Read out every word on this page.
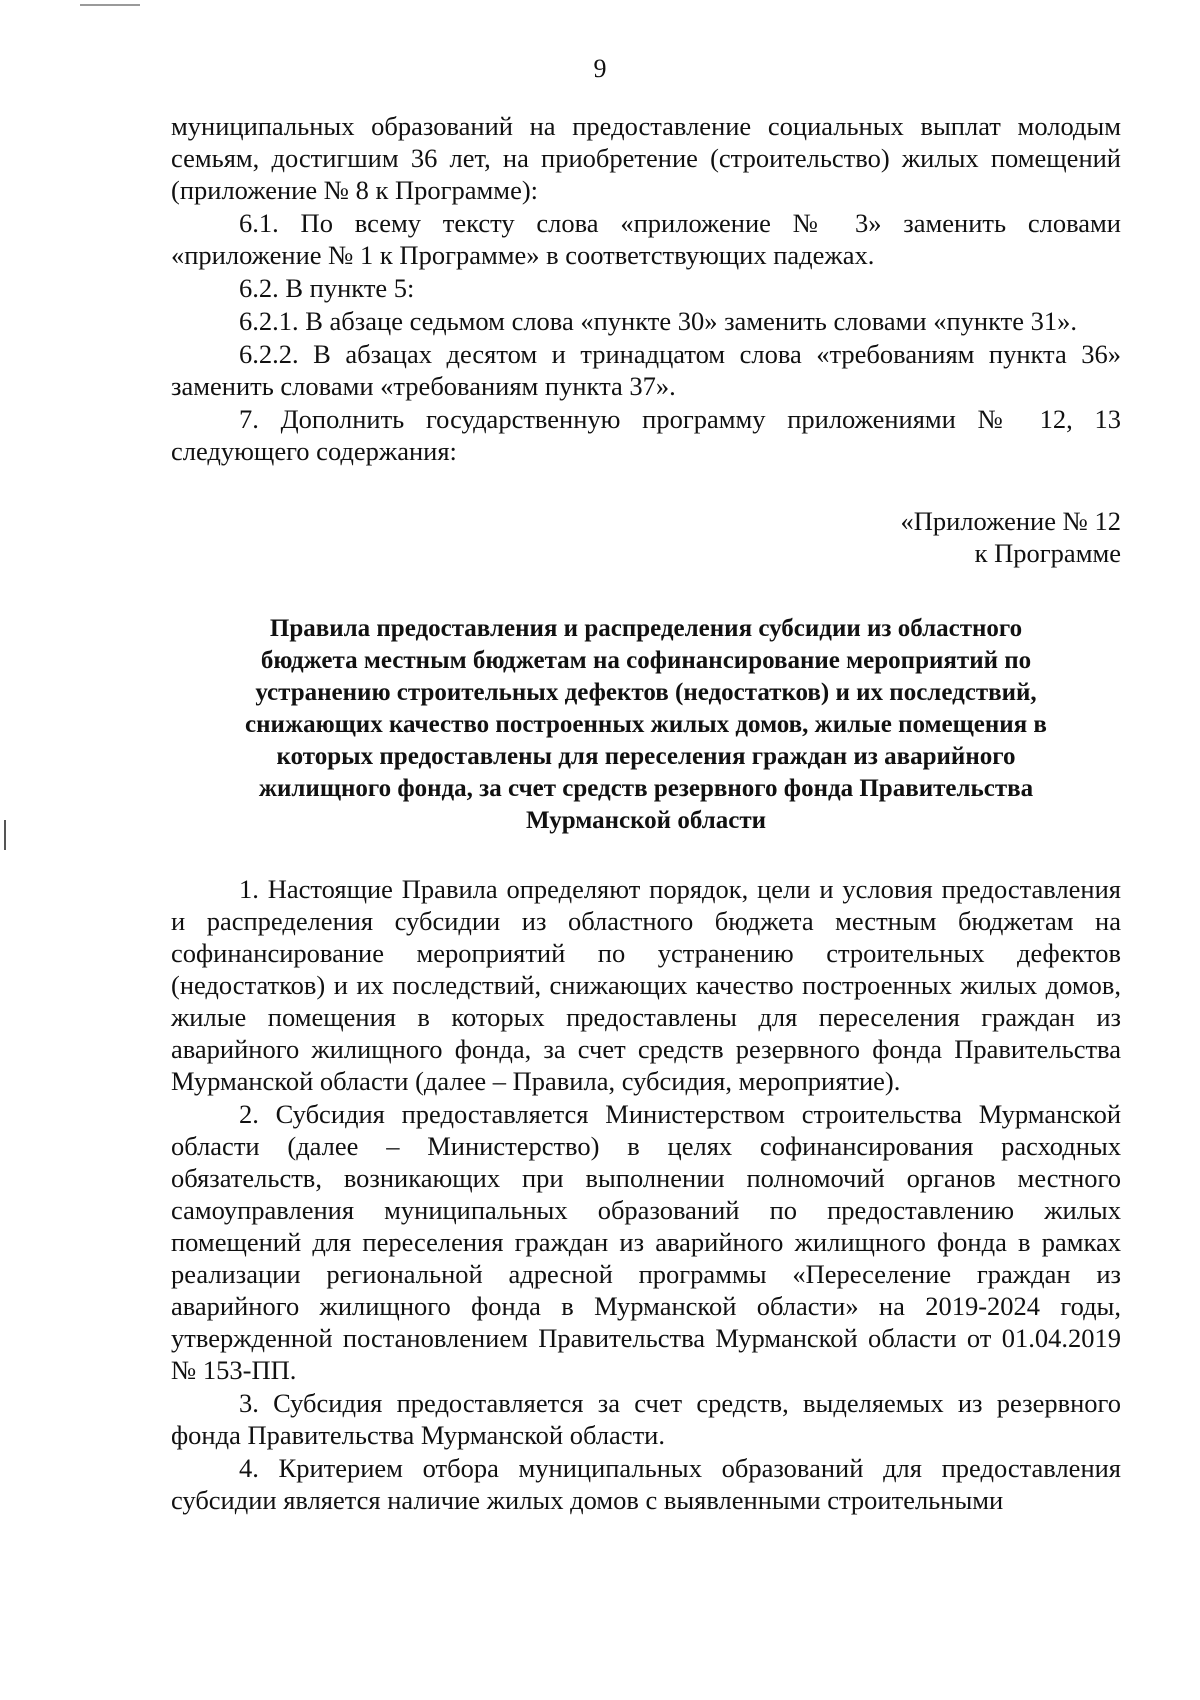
9

муниципальных образований на предоставление социальных выплат молодым семьям, достигшим 36 лет, на приобретение (строительство) жилых помещений (приложение № 8 к Программе):

6.1. По всему тексту слова «приложение № 3» заменить словами «приложение № 1 к Программе» в соответствующих падежах.

6.2. В пункте 5:

6.2.1. В абзаце седьмом слова «пункте 30» заменить словами «пункте 31».

6.2.2. В абзацах десятом и тринадцатом слова «требованиям пункта 36» заменить словами «требованиям пункта 37».

7. Дополнить государственную программу приложениями № 12, 13 следующего содержания:

«Приложение № 12
к Программе
Правила предоставления и распределения субсидии из областного
бюджета местным бюджетам на софинансирование мероприятий по
устранению строительных дефектов (недостатков) и их последствий,
снижающих качество построенных жилых домов, жилые помещения в
которых предоставлены для переселения граждан из аварийного
жилищного фонда, за счет средств резервного фонда Правительства
Мурманской области

1. Настоящие Правила определяют порядок, цели и условия предоставления и распределения субсидии из областного бюджета местным бюджетам на софинансирование мероприятий по устранению строительных дефектов (недостатков) и их последствий, снижающих качество построенных жилых домов, жилые помещения в которых предоставлены для переселения граждан из аварийного жилищного фонда, за счет средств резервного фонда Правительства Мурманской области (далее – Правила, субсидия, мероприятие).

2. Субсидия предоставляется Министерством строительства Мурманской области (далее – Министерство) в целях софинансирования расходных обязательств, возникающих при выполнении полномочий органов местного самоуправления муниципальных образований по предоставлению жилых помещений для переселения граждан из аварийного жилищного фонда в рамках реализации региональной адресной программы «Переселение граждан из аварийного жилищного фонда в Мурманской области» на 2019-2024 годы, утвержденной постановлением Правительства Мурманской области от 01.04.2019 № 153-ПП.

3. Субсидия предоставляется за счет средств, выделяемых из резервного фонда Правительства Мурманской области.

4. Критерием отбора муниципальных образований для предоставления субсидии является наличие жилых домов с выявленными строительными
